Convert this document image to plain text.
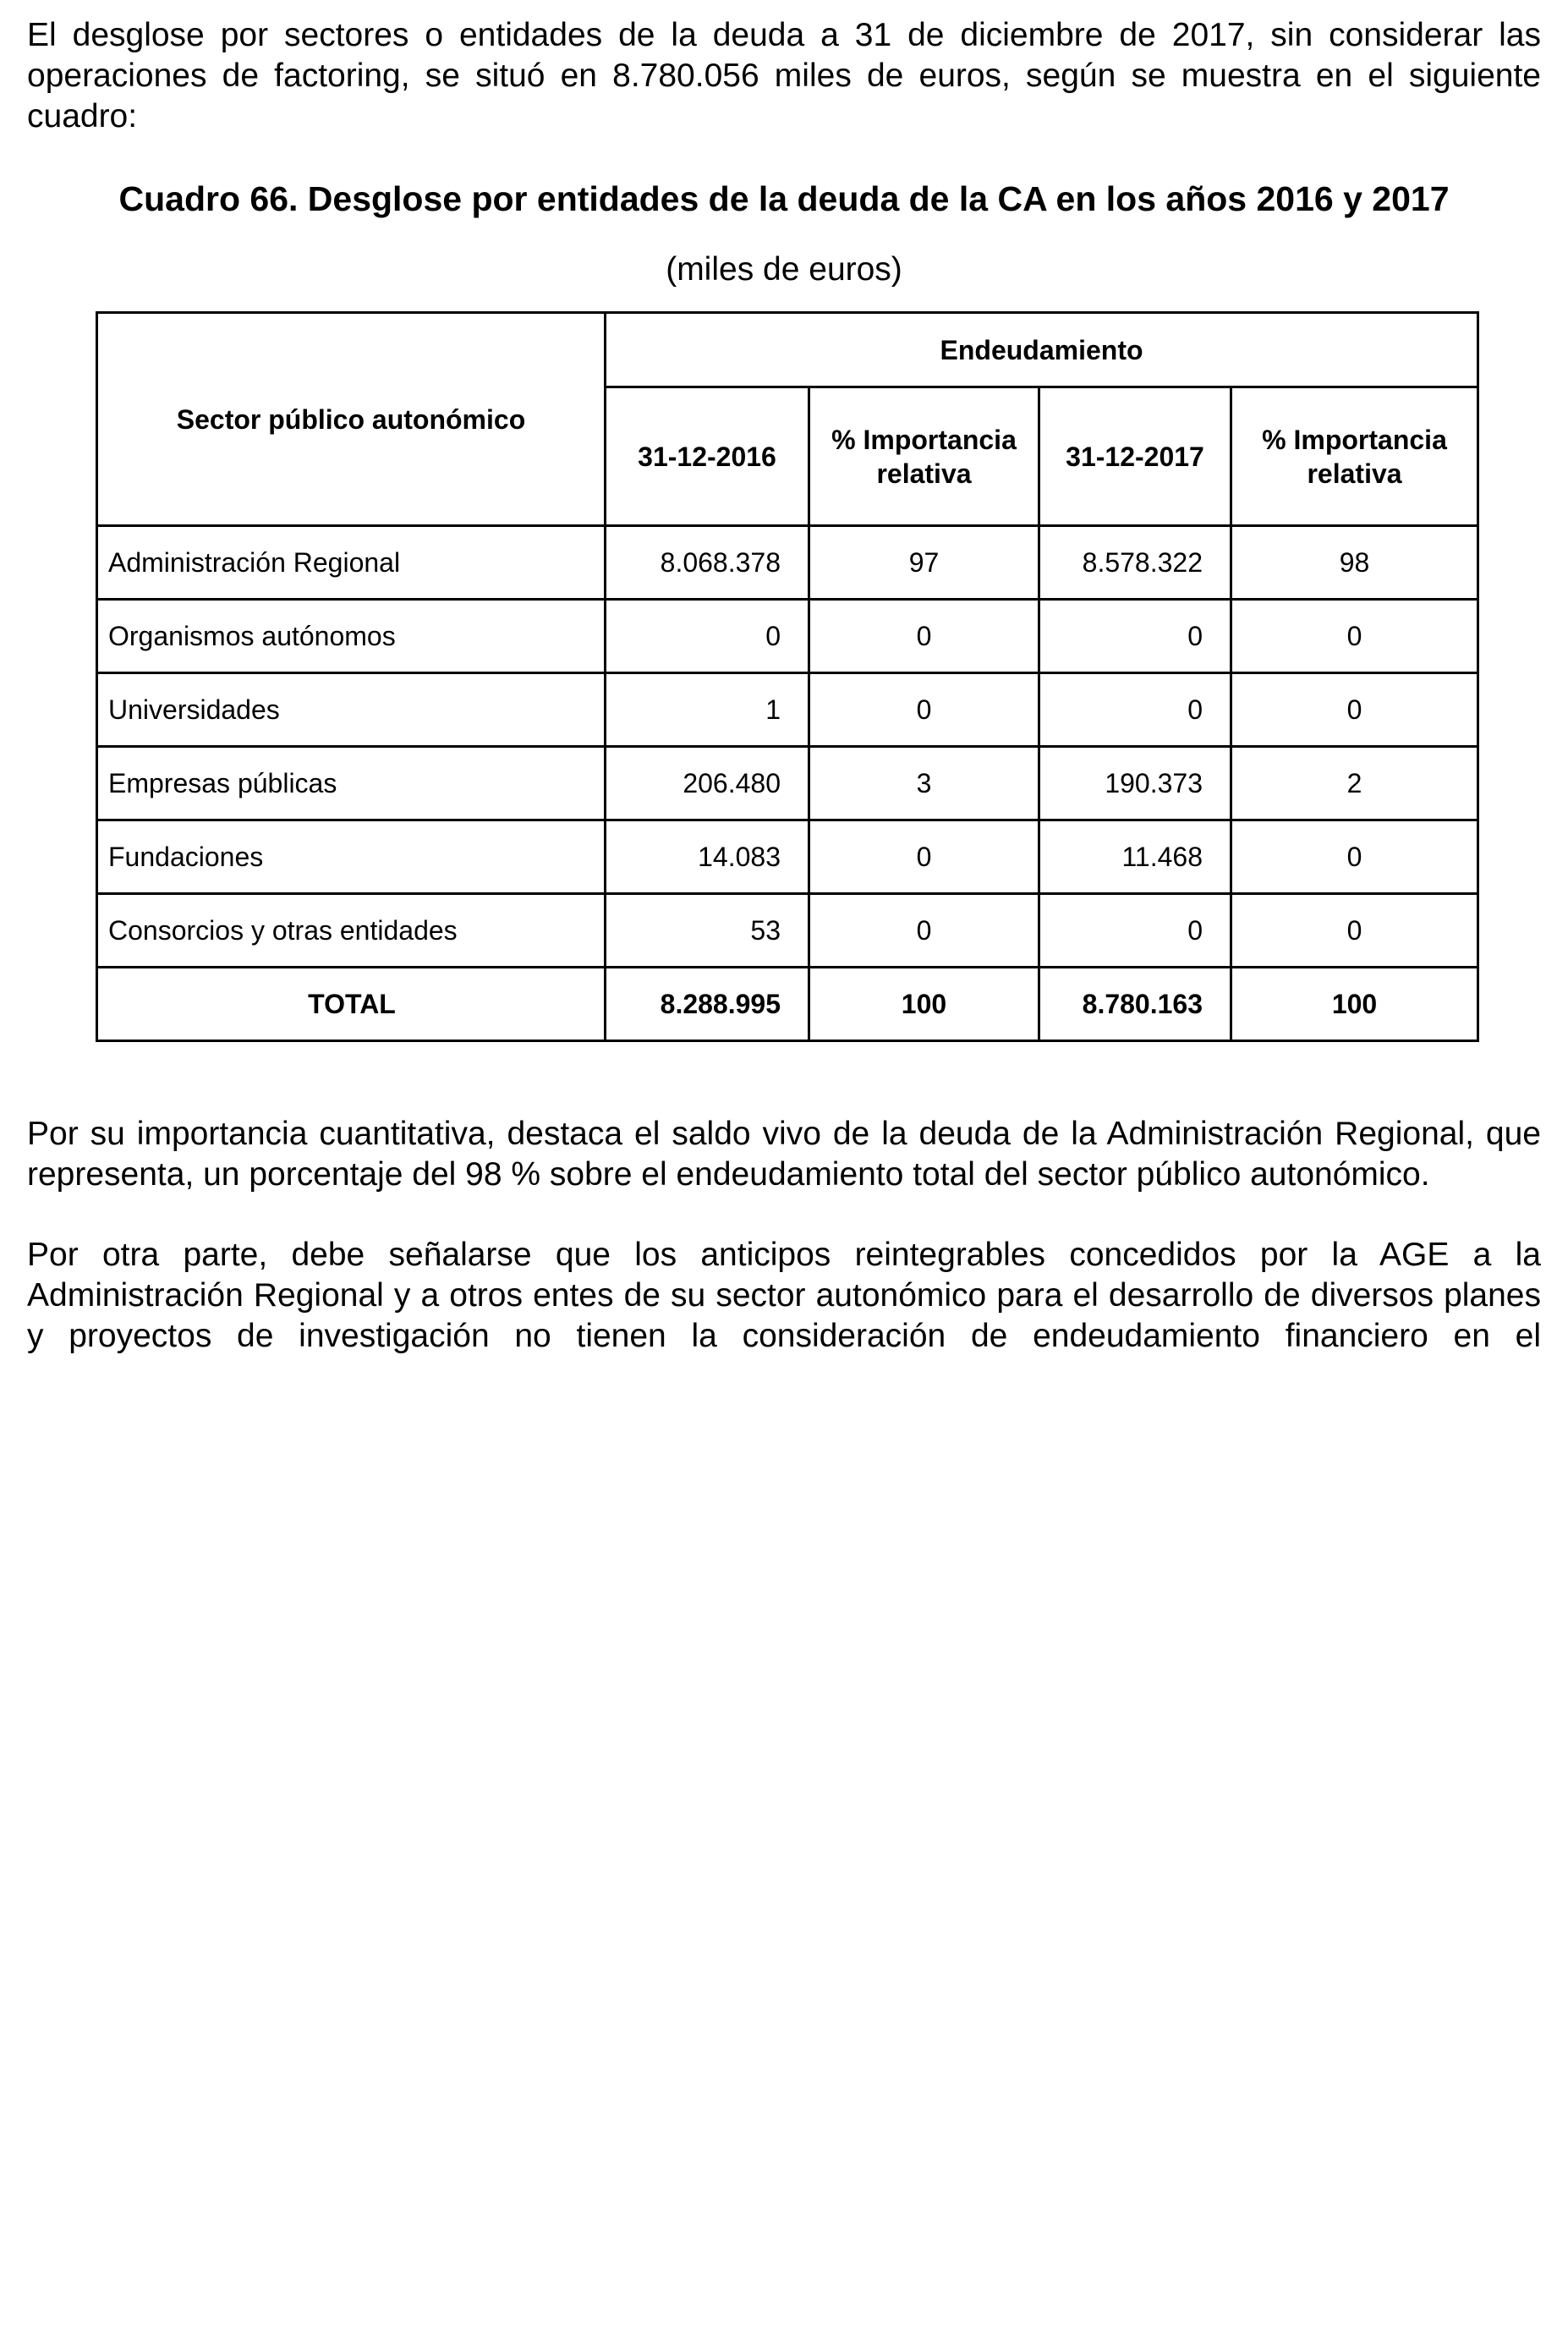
El desglose por sectores o entidades de la deuda a 31 de diciembre de 2017, sin considerar las operaciones de factoring, se situó en 8.780.056 miles de euros, según se muestra en el siguiente cuadro:

Cuadro 66. Desglose por entidades de la deuda de la CA en los años 2016 y 2017

(miles de euros)

Sector público autonómico	Endeudamiento			
	31-12-2016	% Importancia relativa	31-12-2017	% Importancia relativa
Administración Regional	8.068.378	97	8.578.322	98
Organismos autónomos	0	0	0	0
Universidades	1	0	0	0
Empresas públicas	206.480	3	190.373	2
Fundaciones	14.083	0	11.468	0
Consorcios y otras entidades	53	0	0	0
TOTAL	8.288.995	100	8.780.163	100

Por su importancia cuantitativa, destaca el saldo vivo de la deuda de la Administración Regional, que representa, un porcentaje del 98 % sobre el endeudamiento total del sector público autonómico.

Por otra parte, debe señalarse que los anticipos reintegrables concedidos por la AGE a la Administración Regional y a otros entes de su sector autonómico para el desarrollo de diversos planes y proyectos de investigación no tienen la consideración de endeudamiento financiero en el
